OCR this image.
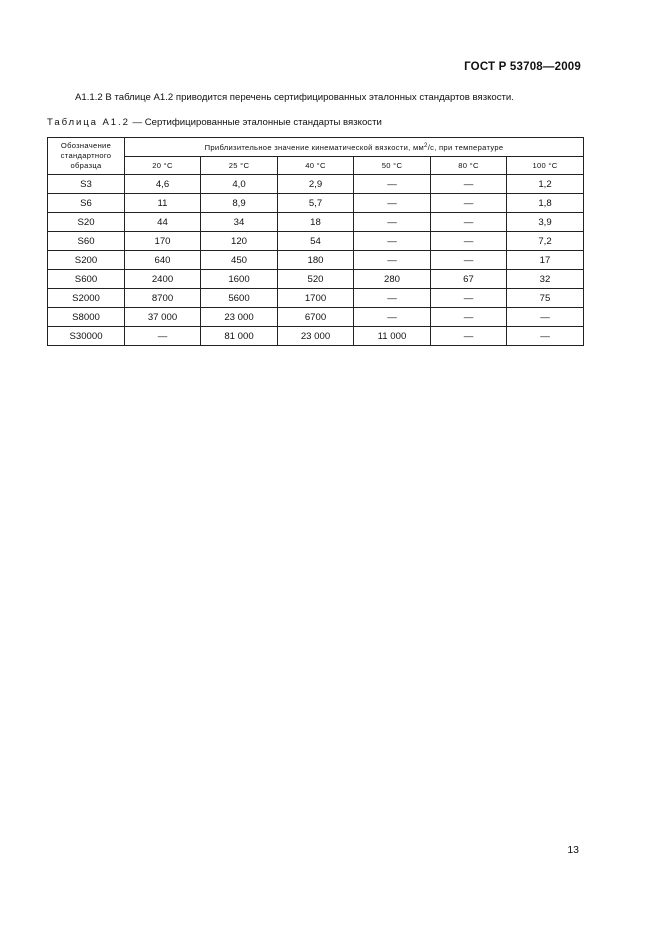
ГОСТ Р 53708—2009
А1.1.2 В таблице А1.2 приводится перечень сертифицированных эталонных стандартов вязкости.
Таблица А1.2 — Сертифицированные эталонные стандарты вязкости
Обозначение
стандартного
образца	Приблизительное значение кинематической вязкости, $мм^2/с$, при температуре					
	20 °С	25 °С	40 °С	50 °С	80 °С	100 °С
S3	4,6	4,0	2,9	—	—	1,2
S6	11	8,9	5,7	—	—	1,8
S20	44	34	18	—	—	3,9
S60	170	120	54	—	—	7,2
S200	640	450	180	—	—	17
S600	2400	1600	520	280	67	32
S2000	8700	5600	1700	—	—	75
S8000	37 000	23 000	6700	—	—	—
S30000	—	81 000	23 000	11 000	—	—
13
